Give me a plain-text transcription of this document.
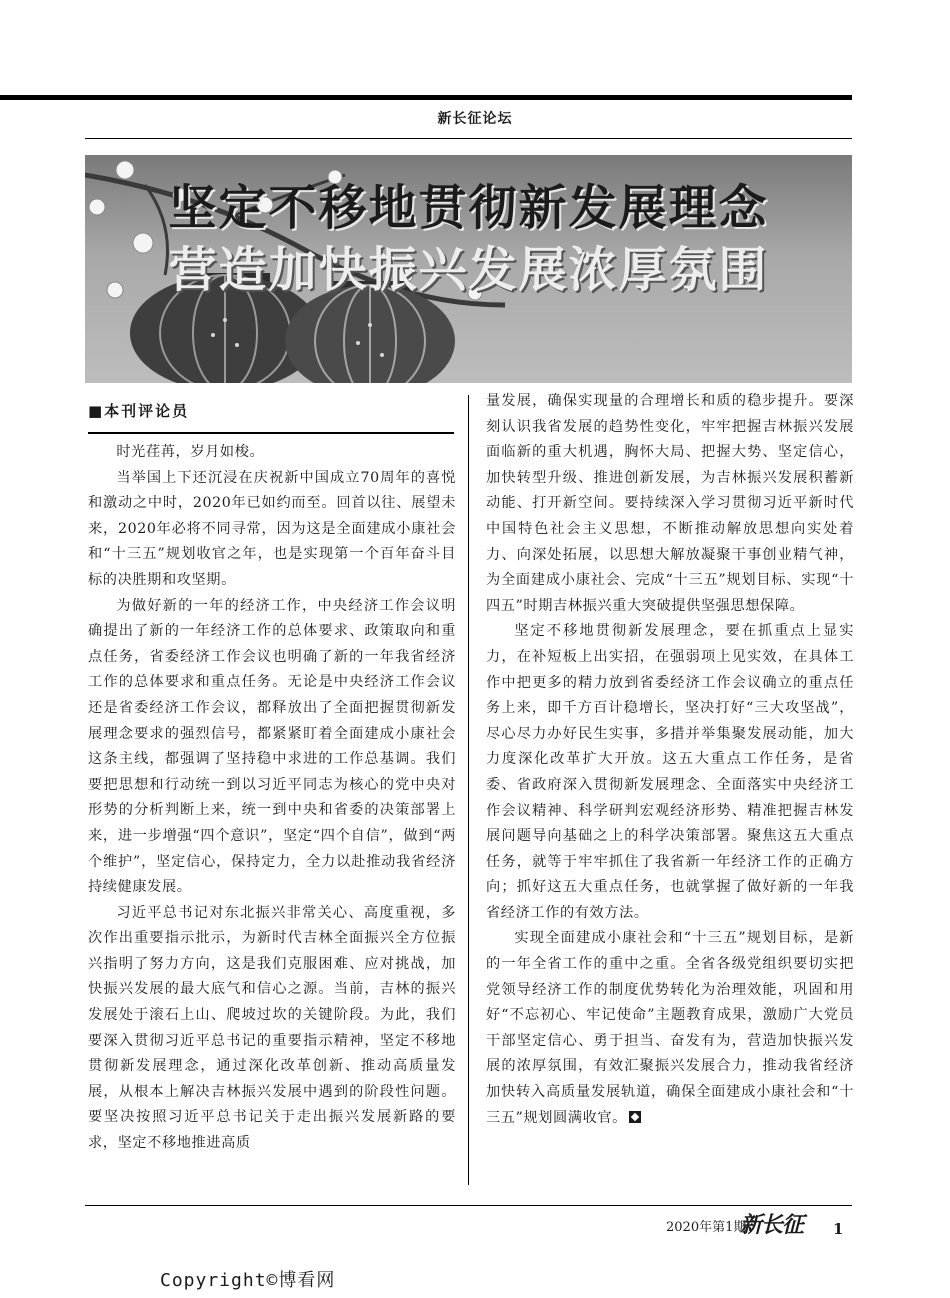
新长征论坛
坚定不移地贯彻新发展理念
营造加快振兴发展浓厚氛围
■本刊评论员

时光荏苒，岁月如梭。

当举国上下还沉浸在庆祝新中国成立70周年的喜悦和激动之中时，2020年已如约而至。回首以往、展望未来，2020年必将不同寻常，因为这是全面建成小康社会和“十三五”规划收官之年，也是实现第一个百年奋斗目标的决胜期和攻坚期。

为做好新的一年的经济工作，中央经济工作会议明确提出了新的一年经济工作的总体要求、政策取向和重点任务，省委经济工作会议也明确了新的一年我省经济工作的总体要求和重点任务。无论是中央经济工作会议还是省委经济工作会议，都释放出了全面把握贯彻新发展理念要求的强烈信号，都紧紧盯着全面建成小康社会这条主线，都强调了坚持稳中求进的工作总基调。我们要把思想和行动统一到以习近平同志为核心的党中央对形势的分析判断上来，统一到中央和省委的决策部署上来，进一步增强“四个意识”，坚定“四个自信”，做到“两个维护”，坚定信心，保持定力，全力以赴推动我省经济持续健康发展。

习近平总书记对东北振兴非常关心、高度重视，多次作出重要指示批示，为新时代吉林全面振兴全方位振兴指明了努力方向，这是我们克服困难、应对挑战，加快振兴发展的最大底气和信心之源。当前，吉林的振兴发展处于滚石上山、爬坡过坎的关键阶段。为此，我们要深入贯彻习近平总书记的重要指示精神，坚定不移地贯彻新发展理念，通过深化改革创新、推动高质量发展，从根本上解决吉林振兴发展中遇到的阶段性问题。要坚决按照习近平总书记关于走出振兴发展新路的要求，坚定不移地推进高质

量发展，确保实现量的合理增长和质的稳步提升。要深刻认识我省发展的趋势性变化，牢牢把握吉林振兴发展面临新的重大机遇，胸怀大局、把握大势、坚定信心，加快转型升级、推进创新发展，为吉林振兴发展积蓄新动能、打开新空间。要持续深入学习贯彻习近平新时代中国特色社会主义思想，不断推动解放思想向实处着力、向深处拓展，以思想大解放凝聚干事创业精气神，为全面建成小康社会、完成“十三五”规划目标、实现“十四五”时期吉林振兴重大突破提供坚强思想保障。

坚定不移地贯彻新发展理念，要在抓重点上显实力，在补短板上出实招，在强弱项上见实效，在具体工作中把更多的精力放到省委经济工作会议确立的重点任务上来，即千方百计稳增长，坚决打好“三大攻坚战”，尽心尽力办好民生实事，多措并举集聚发展动能，加大力度深化改革扩大开放。这五大重点工作任务，是省委、省政府深入贯彻新发展理念、全面落实中央经济工作会议精神、科学研判宏观经济形势、精准把握吉林发展问题导向基础之上的科学决策部署。聚焦这五大重点任务，就等于牢牢抓住了我省新一年经济工作的正确方向；抓好这五大重点任务，也就掌握了做好新的一年我省经济工作的有效方法。

实现全面建成小康社会和“十三五”规划目标，是新的一年全省工作的重中之重。全省各级党组织要切实把党领导经济工作的制度优势转化为治理效能，巩固和用好“不忘初心、牢记使命”主题教育成果，激励广大党员干部坚定信心、勇于担当、奋发有为，营造加快振兴发展的浓厚氛围，有效汇聚振兴发展合力，推动我省经济加快转入高质量发展轨道，确保全面建成小康社会和“十三五”规划圆满收官。

2020年第1期
新长征 1
Copyright©博看网
